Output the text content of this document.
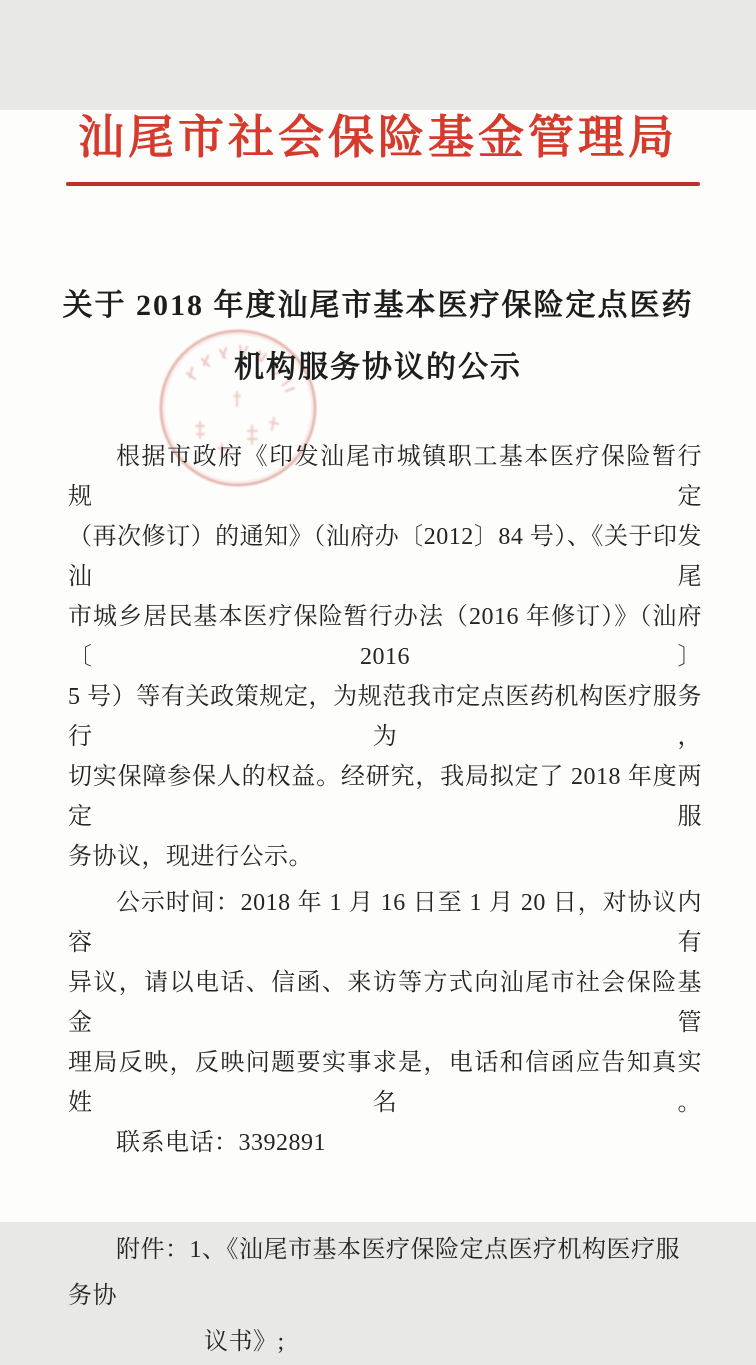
汕尾市社会保险基金管理局
关于 2018 年度汕尾市基本医疗保险定点医药
机构服务协议的公示
根据市政府《印发汕尾市城镇职工基本医疗保险暂行规定
（再次修订）的通知》（汕府办〔2012〕84 号）、《关于印发汕尾
市城乡居民基本医疗保险暂行办法（2016 年修订）》（汕府〔2016〕
5 号）等有关政策规定，为规范我市定点医药机构医疗服务行为，
切实保障参保人的权益。经研究，我局拟定了 2018 年度两定服
务协议，现进行公示。
公示时间：2018 年 1 月 16 日至 1 月 20 日，对协议内容有
异议，请以电话、信函、来访等方式向汕尾市社会保险基金管
理局反映，反映问题要实事求是，电话和信函应告知真实姓名。
联系电话：3392891
附件：1、《汕尾市基本医疗保险定点医疗机构医疗服务协
议书》;
